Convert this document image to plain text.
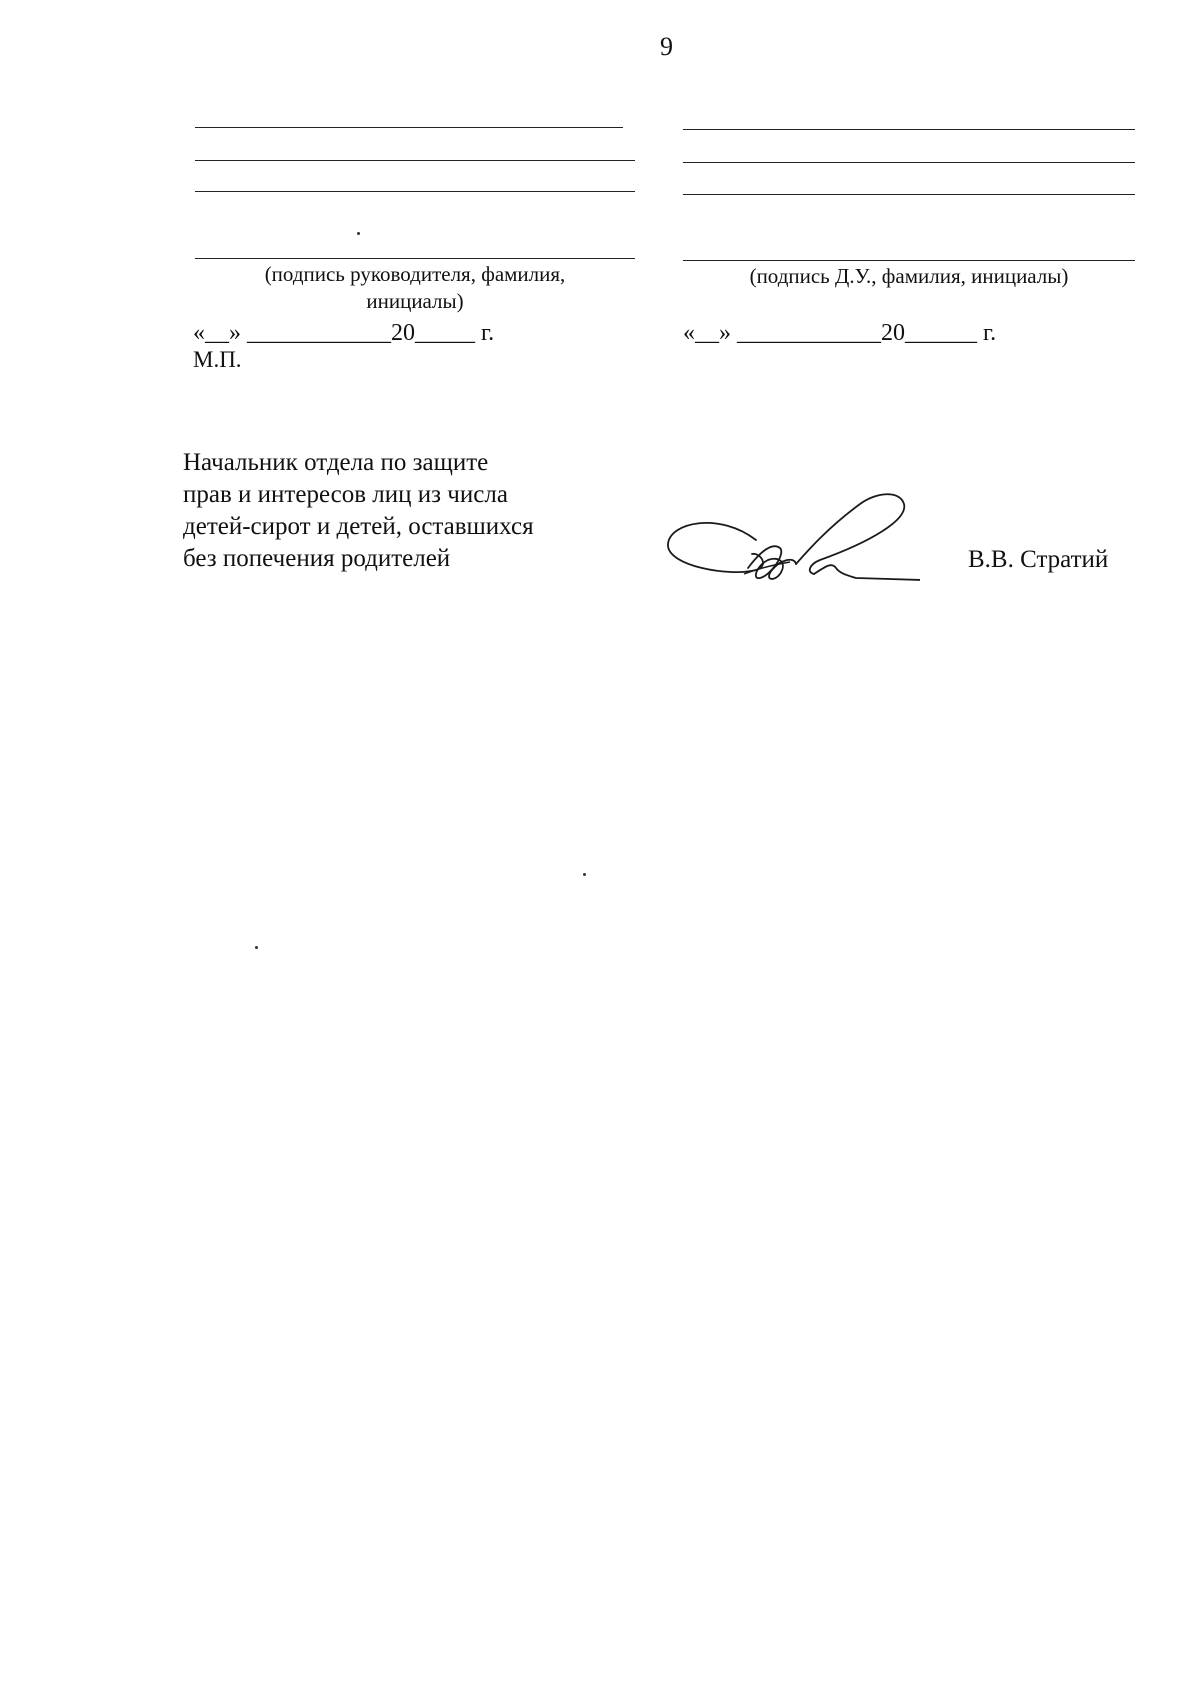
9
(подпись руководителя, фамилия,
инициалы)
(подпись Д.У., фамилия, инициалы)
«__» ____________20_____ г.
М.П.
«__» ____________20______ г.
Начальник отдела по защите
прав и интересов лиц из числа
детей-сирот и детей, оставшихся
без попечения родителей	В.В. Стратий
